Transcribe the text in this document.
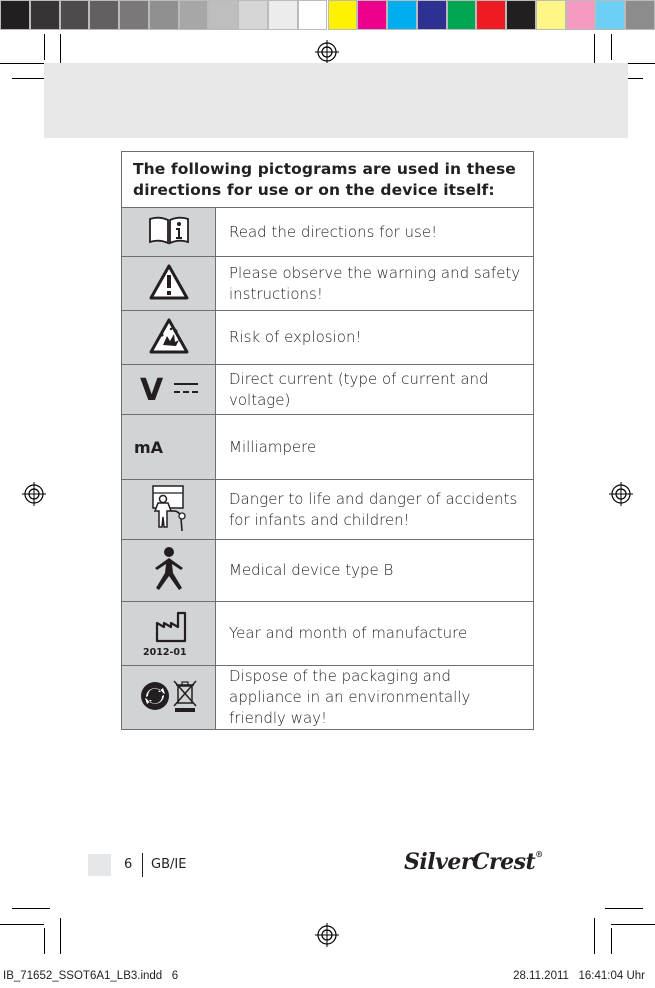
The following pictograms are used in these directions for use or on the device itself:	
	Read the directions for use!
	Please observe the warning and safety instructions!
	Risk of explosion!

V	Direct current (type of current and voltage)
mA	Milliampere
	Danger to life and danger of accidents for infants and children!
	Medical device type B

2012-01	Year and month of manufacture
	Dispose of the packaging and appliance in an environmentally friendly way!
6 GB/IE	SilverCrest®
IB_71652_SSOT6A1_LB3.indd   6	28.11.2011   16:41:04 Uhr
